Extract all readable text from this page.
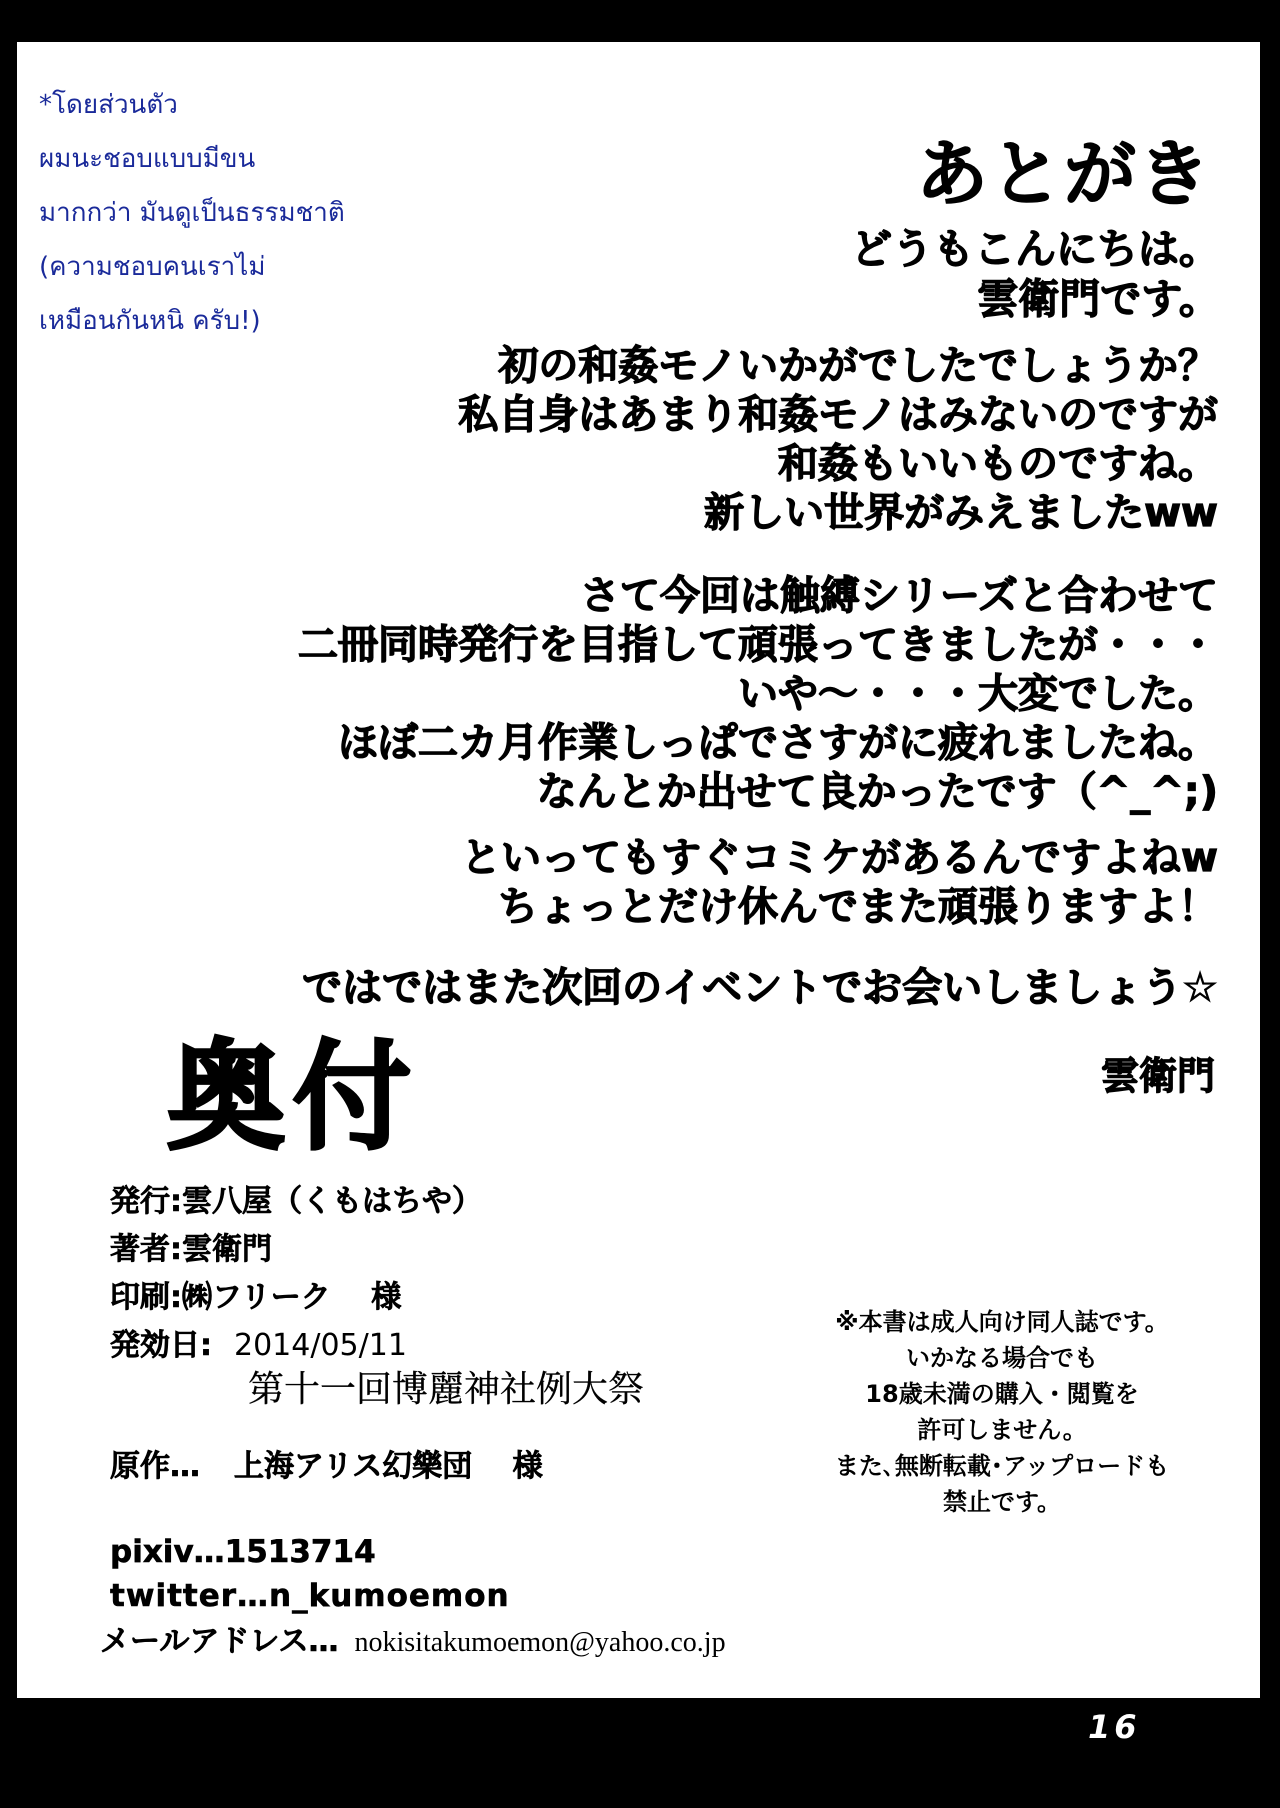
*โดยส่วนตัว
ผมนะชอบแบบมีขน
มากกว่า มันดูเป็นธรรมชาติ
(ความชอบคนเราไม่
เหมือนกันหนิ ครับ!)
あとがき
どうもこんにちは。
雲衛門です。
初の和姦モノいかがでしたでしょうか？
私自身はあまり和姦モノはみないのですが
和姦もいいものですね。
新しい世界がみえましたww
さて今回は触縛シリーズと合わせて
二冊同時発行を目指して頑張ってきましたが・・・
いや～・・・大変でした。
ほぼ二カ月作業しっぱでさすがに疲れましたね。
なんとか出せて良かったです（^_^;)
といってもすぐコミケがあるんですよねw
ちょっとだけ休んでまた頑張りますよ！
ではではまた次回のイベントでお会いしましょう☆
雲衛門
奥付
発行:雲八屋（くもはちや）
著者:雲衛門
印刷:㈱フリーク　 様
発効日: 2014/05/11
第十一回博麗神社例大祭
原作… 上海アリス幻樂団　 様
pixiv…1513714
twitter…n_kumoemon
メールアドレス… nokisitakumoemon@yahoo.co.jp
※本書は成人向け同人誌です。
いかなる場合でも
18歳未満の購入・閲覧を
許可しません。
また､無断転載･アップロードも
禁止です。
16
